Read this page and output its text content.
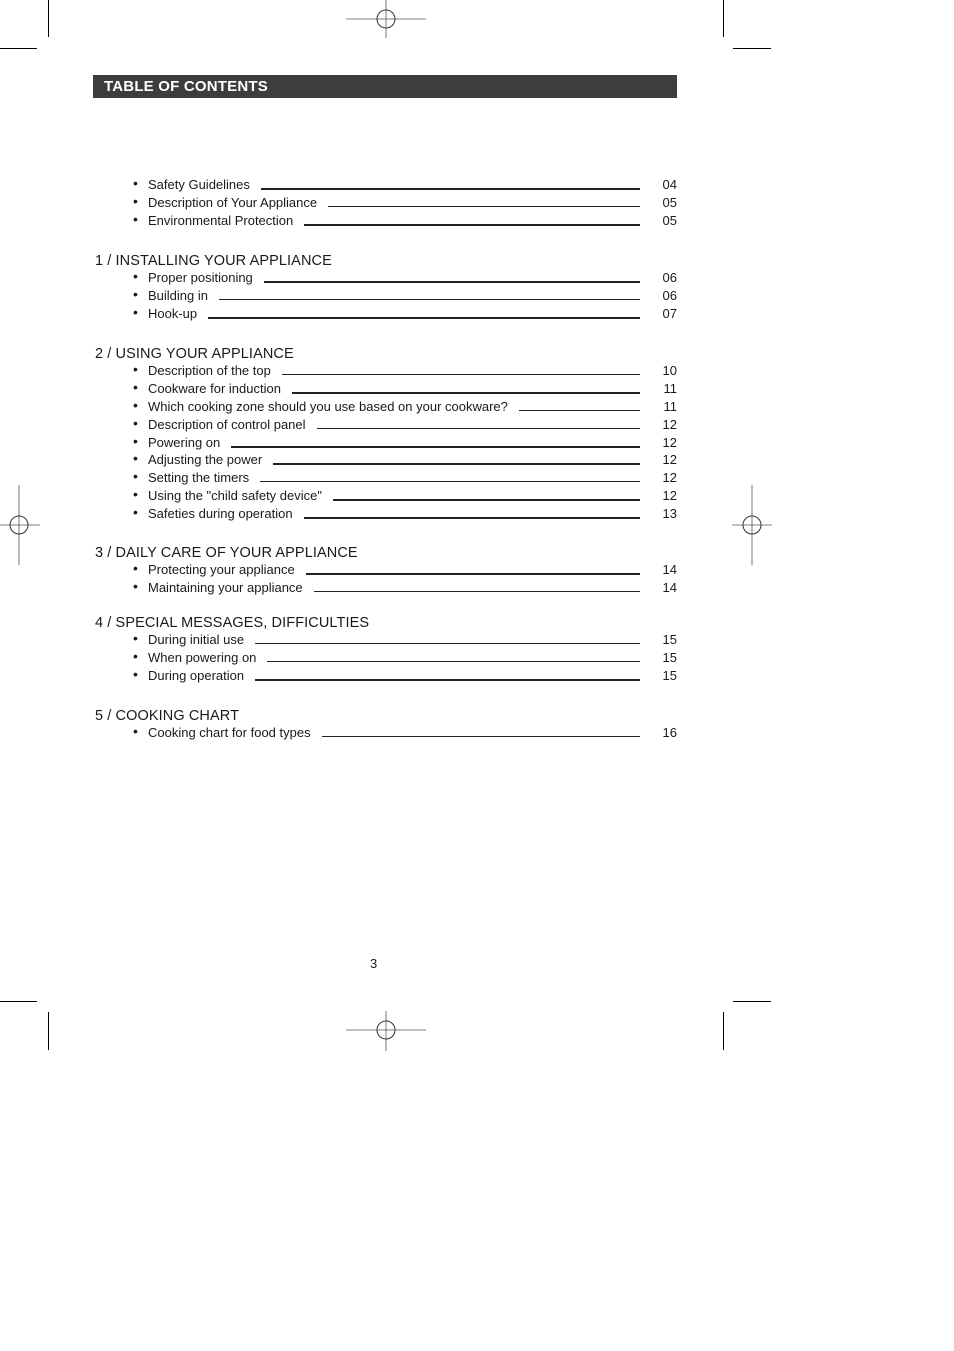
TABLE OF CONTENTS
• Safety Guidelines	04
• Description of Your Appliance	05
• Environmental Protection	05
1 / INSTALLING YOUR APPLIANCE
• Proper positioning	06
• Building in	06
• Hook-up	07
2 / USING YOUR APPLIANCE
• Description of the top	10
• Cookware for induction	11
• Which cooking zone should you use based on your cookware?	11
• Description of control panel	12
• Powering on	12
• Adjusting the power	12
• Setting the timers	12
• Using the "child safety device"	12
• Safeties during operation	13
3 / DAILY CARE OF YOUR APPLIANCE
• Protecting your appliance	14
• Maintaining your appliance	14
4 / SPECIAL MESSAGES, DIFFICULTIES
• During initial use	15
• When powering on	15
• During operation	15
5 / COOKING CHART
• Cooking chart for food types	16
3
